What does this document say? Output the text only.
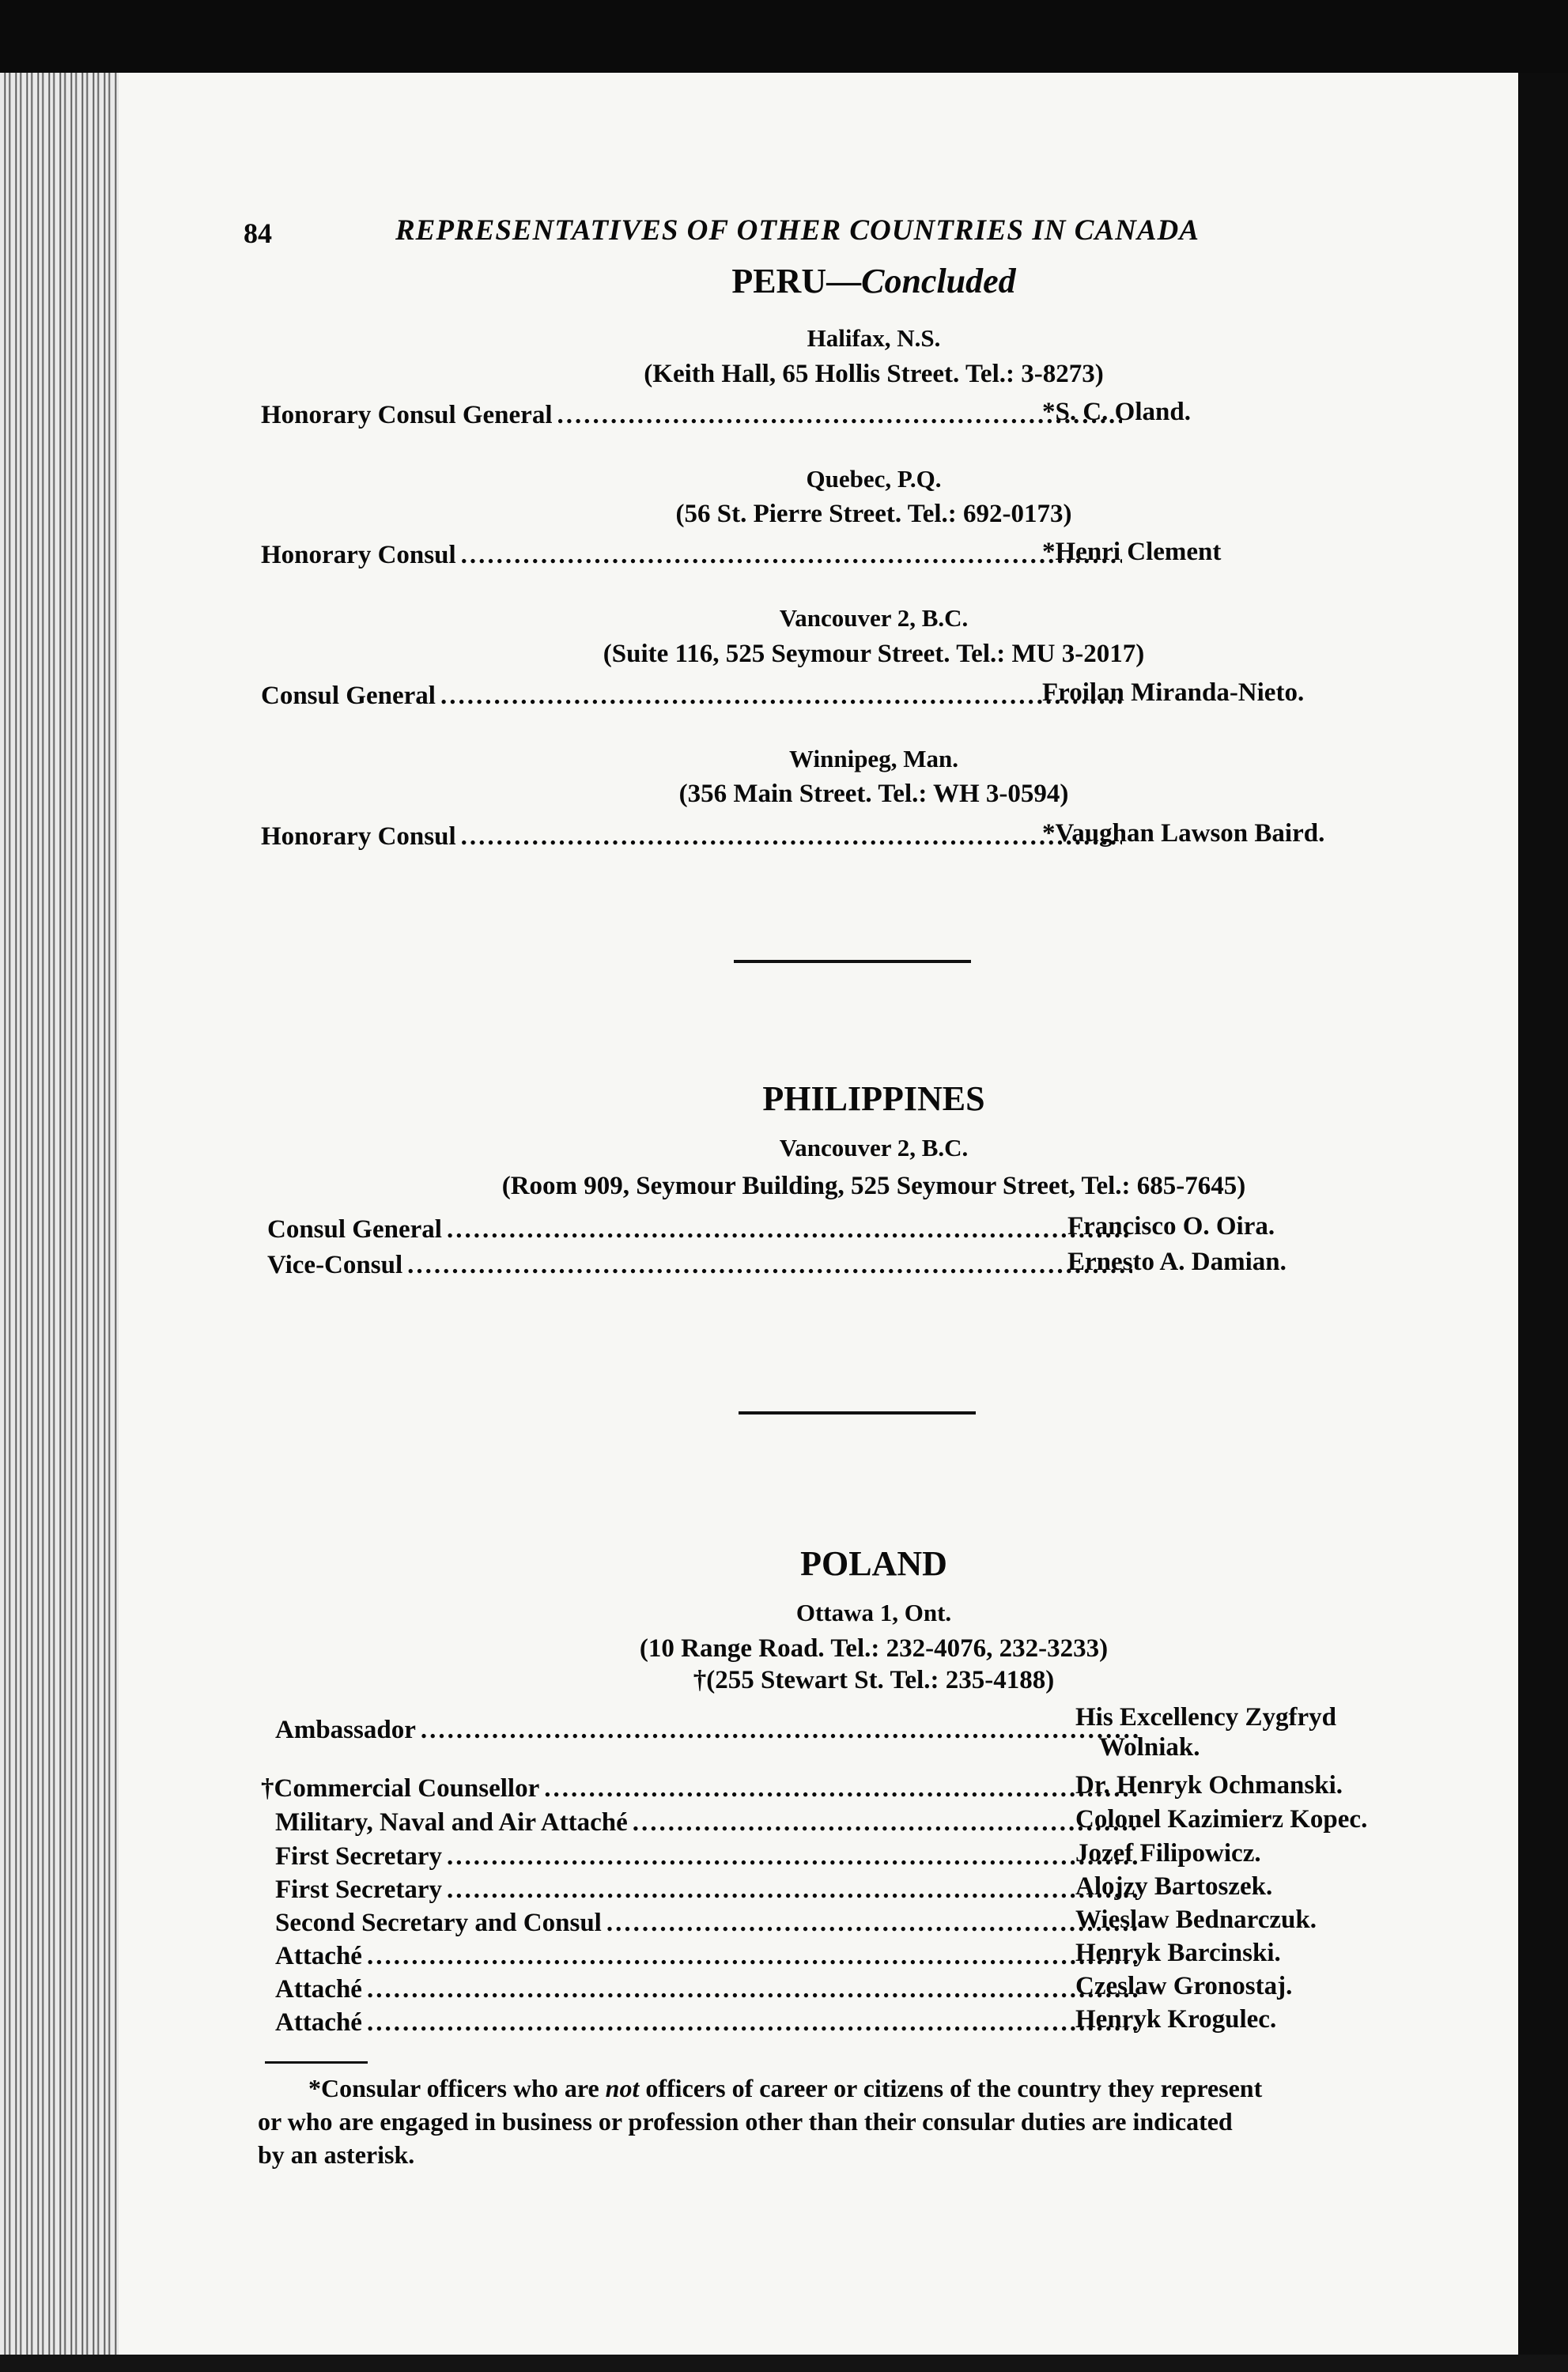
84	REPRESENTATIVES OF OTHER COUNTRIES IN CANADA
PERU—Concluded
Halifax, N.S.
(Keith Hall, 65 Hollis Street. Tel.: 3-8273)
Honorary Consul General .....	*S. C. Oland.
Quebec, P.Q.
(56 St. Pierre Street. Tel.: 692-0173)
Honorary Consul .....	*Henri Clement
Vancouver 2, B.C.
(Suite 116, 525 Seymour Street. Tel.: MU 3-2017)
Consul General .....	Froilan Miranda-Nieto.
Winnipeg, Man.
(356 Main Street. Tel.: WH 3-0594)
Honorary Consul .....	*Vaughan Lawson Baird.
PHILIPPINES
Vancouver 2, B.C.
(Room 909, Seymour Building, 525 Seymour Street, Tel.: 685-7645)
Consul General .....	Francisco O. Oira.
Vice-Consul .....	Ernesto A. Damian.
POLAND
Ottawa 1, Ont.
(10 Range Road. Tel.: 232-4076, 232-3233)
†(255 Stewart St. Tel.: 235-4188)
Ambassador .....	His Excellency Zygfryd
Wolniak.
†Commercial Counsellor .....	Dr. Henryk Ochmanski.
Military, Naval and Air Attaché .....	Colonel Kazimierz Kopec.
First Secretary .....	Jozef Filipowicz.
First Secretary .....	Alojzy Bartoszek.
Second Secretary and Consul .....	Wieslaw Bednarczuk.
Attaché .....	Henryk Barcinski.
Attaché .....	Czeslaw Gronostaj.
Attaché .....	Henryk Krogulec.
*Consular officers who are not officers of career or citizens of the country they represent
or who are engaged in business or profession other than their consular duties are indicated
by an asterisk.
